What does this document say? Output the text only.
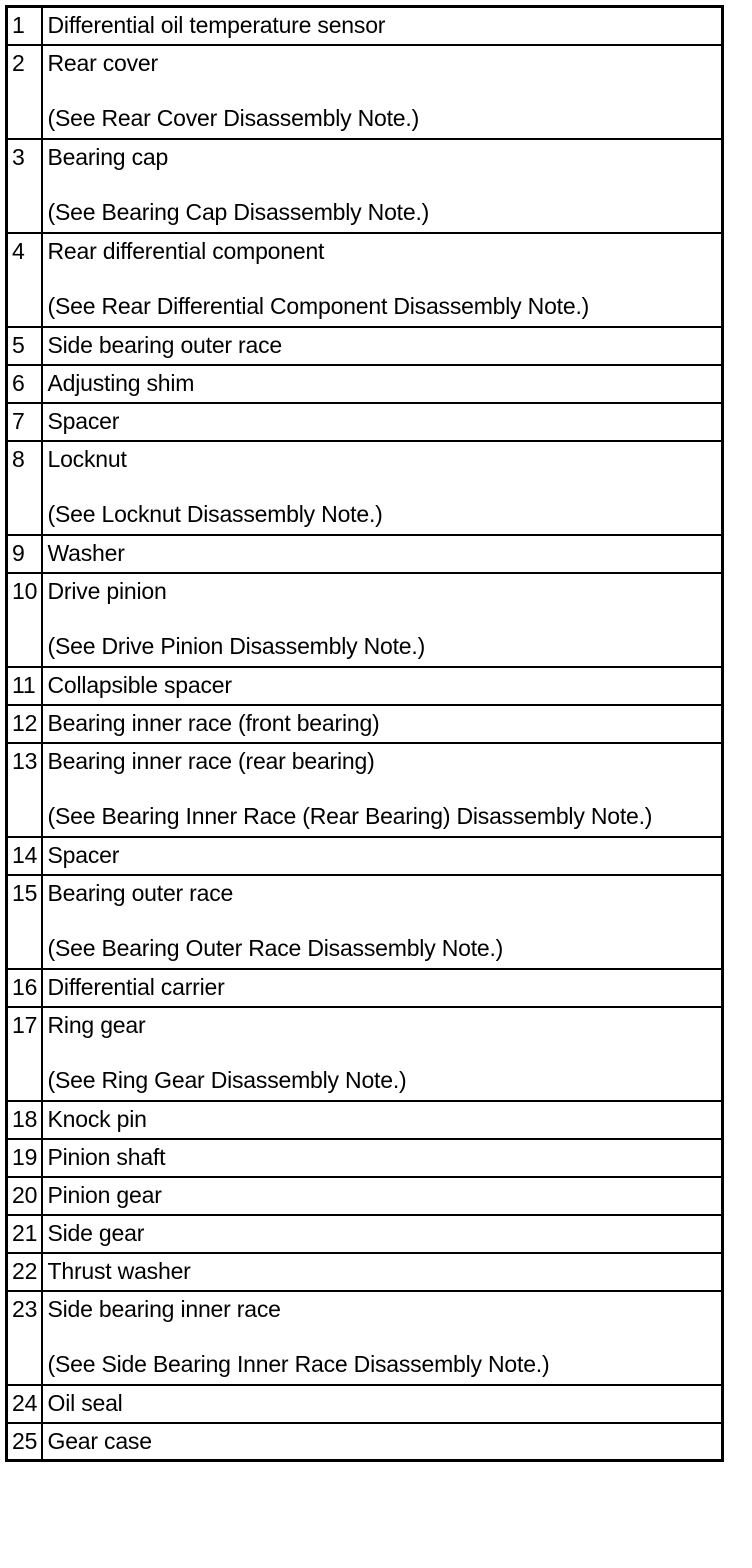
1	Differential oil temperature sensor

2	Rear cover
(See Rear Cover Disassembly Note.)

3	Bearing cap
(See Bearing Cap Disassembly Note.)

4	Rear differential component
(See Rear Differential Component Disassembly Note.)

5	Side bearing outer race

6	Adjusting shim

7	Spacer

8	Locknut
(See Locknut Disassembly Note.)

9	Washer

10	Drive pinion
(See Drive Pinion Disassembly Note.)

11	Collapsible spacer

12	Bearing inner race (front bearing)

13	Bearing inner race (rear bearing)
(See Bearing Inner Race (Rear Bearing) Disassembly Note.)

14	Spacer

15	Bearing outer race
(See Bearing Outer Race Disassembly Note.)

16	Differential carrier

17	Ring gear
(See Ring Gear Disassembly Note.)

18	Knock pin

19	Pinion shaft

20	Pinion gear

21	Side gear

22	Thrust washer

23	Side bearing inner race
(See Side Bearing Inner Race Disassembly Note.)

24	Oil seal

25	Gear case
